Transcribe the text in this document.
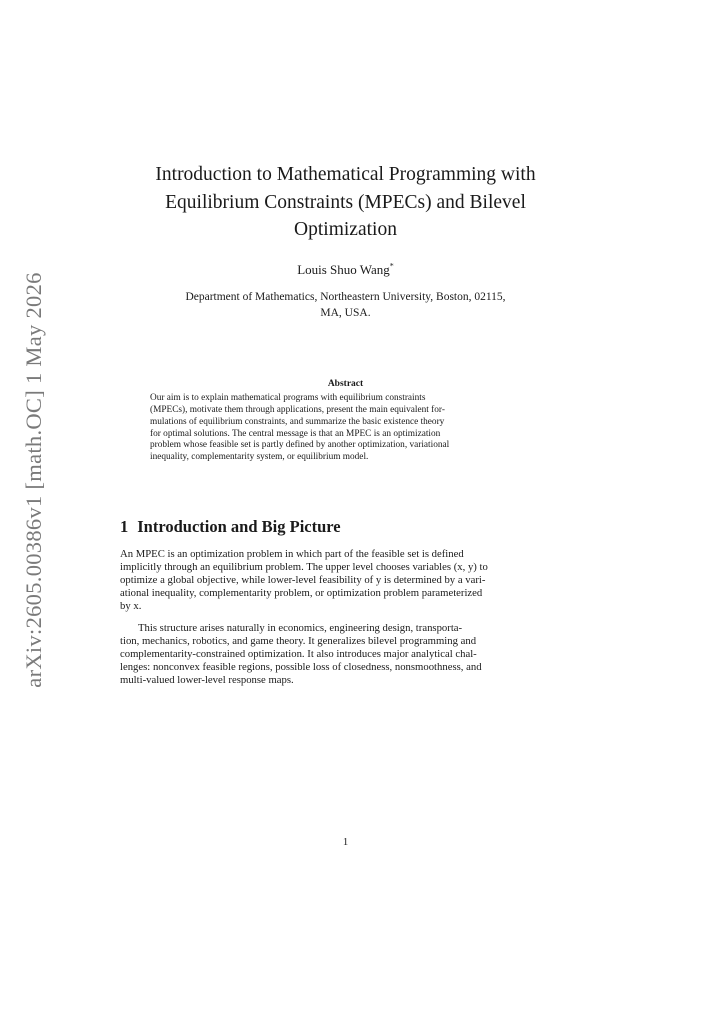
arXiv:2605.00386v1 [math.OC] 1 May 2026
Introduction to Mathematical Programming with
Equilibrium Constraints (MPECs) and Bilevel
Optimization
Louis Shuo Wang*
Department of Mathematics, Northeastern University, Boston, 02115,
MA, USA.
Abstract
Our aim is to explain mathematical programs with equilibrium constraints
(MPECs), motivate them through applications, present the main equivalent for-
mulations of equilibrium constraints, and summarize the basic existence theory
for optimal solutions. The central message is that an MPEC is an optimization
problem whose feasible set is partly defined by another optimization, variational
inequality, complementarity system, or equilibrium model.
1 Introduction and Big Picture
An MPEC is an optimization problem in which part of the feasible set is defined
implicitly through an equilibrium problem. The upper level chooses variables (x, y) to
optimize a global objective, while lower-level feasibility of y is determined by a vari-
ational inequality, complementarity problem, or optimization problem parameterized
by x.
This structure arises naturally in economics, engineering design, transporta-
tion, mechanics, robotics, and game theory. It generalizes bilevel programming and
complementarity-constrained optimization. It also introduces major analytical chal-
lenges: nonconvex feasible regions, possible loss of closedness, nonsmoothness, and
multi-valued lower-level response maps.
1
